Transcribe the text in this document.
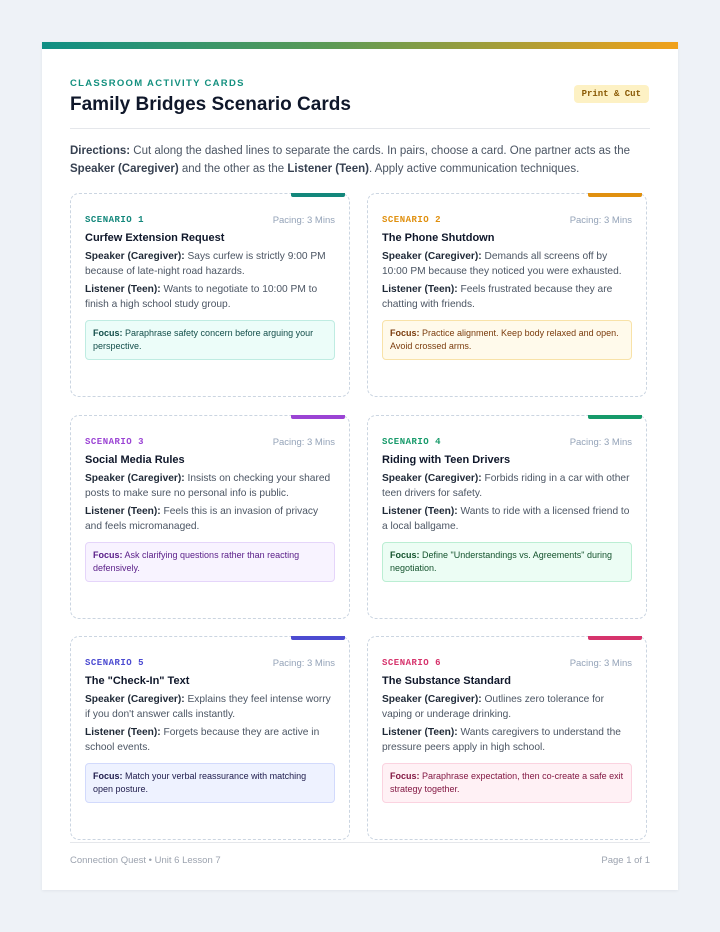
CLASSROOM ACTIVITY CARDS
Family Bridges Scenario Cards	Print & Cut
Directions: Cut along the dashed lines to separate the cards. In pairs, choose a card. One partner acts as the Speaker (Caregiver) and the other as the Listener (Teen). Apply active communication techniques.
SCENARIO 1	Pacing: 3 Mins
Curfew Extension Request
Speaker (Caregiver): Says curfew is strictly 9:00 PM because of late-night road hazards.
Listener (Teen): Wants to negotiate to 10:00 PM to finish a high school study group.
Focus: Paraphrase safety concern before arguing your perspective.
SCENARIO 2	Pacing: 3 Mins
The Phone Shutdown
Speaker (Caregiver): Demands all screens off by 10:00 PM because they noticed you were exhausted.
Listener (Teen): Feels frustrated because they are chatting with friends.
Focus: Practice alignment. Keep body relaxed and open. Avoid crossed arms.
SCENARIO 3	Pacing: 3 Mins
Social Media Rules
Speaker (Caregiver): Insists on checking your shared posts to make sure no personal info is public.
Listener (Teen): Feels this is an invasion of privacy and feels micromanaged.
Focus: Ask clarifying questions rather than reacting defensively.
SCENARIO 4	Pacing: 3 Mins
Riding with Teen Drivers
Speaker (Caregiver): Forbids riding in a car with other teen drivers for safety.
Listener (Teen): Wants to ride with a licensed friend to a local ballgame.
Focus: Define "Understandings vs. Agreements" during negotiation.
SCENARIO 5	Pacing: 3 Mins
The "Check-In" Text
Speaker (Caregiver): Explains they feel intense worry if you don't answer calls instantly.
Listener (Teen): Forgets because they are active in school events.
Focus: Match your verbal reassurance with matching open posture.
SCENARIO 6	Pacing: 3 Mins
The Substance Standard
Speaker (Caregiver): Outlines zero tolerance for vaping or underage drinking.
Listener (Teen): Wants caregivers to understand the pressure peers apply in high school.
Focus: Paraphrase expectation, then co-create a safe exit strategy together.
Connection Quest • Unit 6 Lesson 7	Page 1 of 1
